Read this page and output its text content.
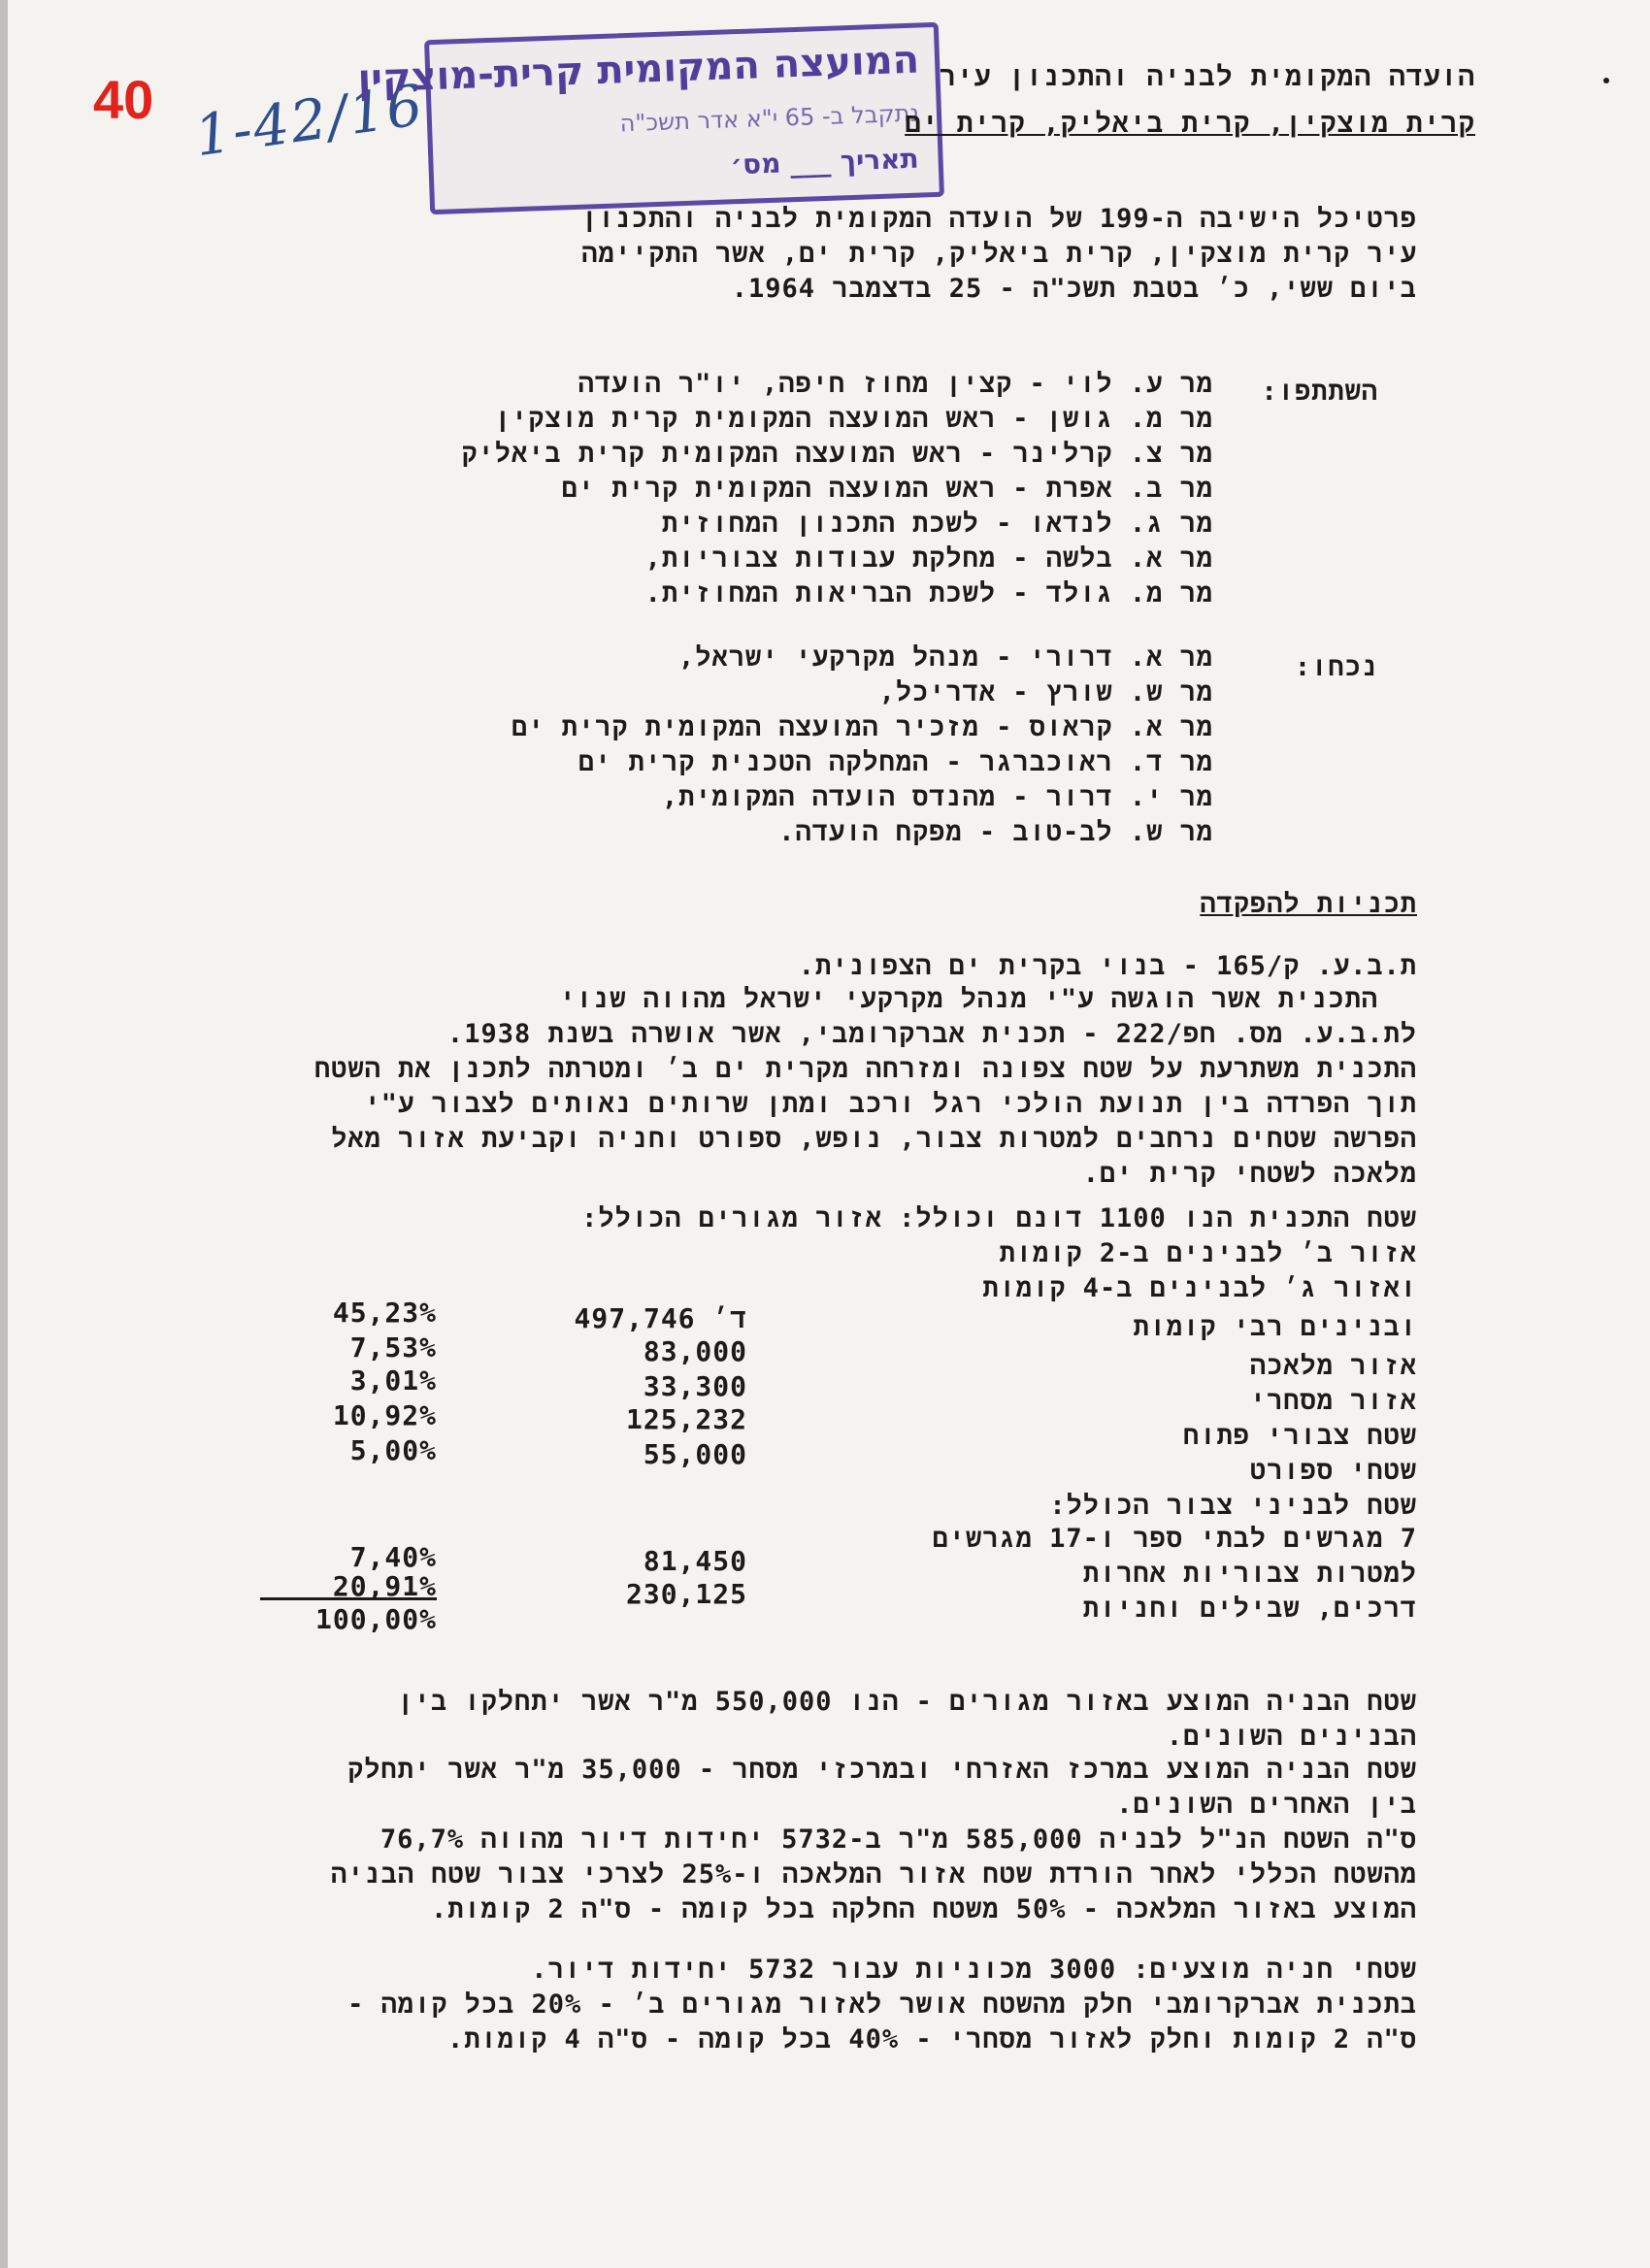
40 1-42/16
המועצה המקומית קרית-מוצקין
נתקבל ב- 65 י"א אדר תשכ"ה
תאריך ___ מס׳
הועדה המקומית לבניה והתכנון עיר
קרית מוצקין, קרית ביאליק, קרית ים
פרטיכל הישיבה ה-199 של הועדה המקומית לבניה והתכנון
עיר קרית מוצקין, קרית ביאליק, קרית ים, אשר התקיימה
ביום ששי, כ׳ בטבת תשכ"ה - 25 בדצמבר 1964.
השתתפו:
מר ע. לוי - קצין מחוז חיפה, יו"ר הועדה
מר מ. גושן - ראש המועצה המקומית קרית מוצקין
מר צ. קרלינר - ראש המועצה המקומית קרית ביאליק
מר ב. אפרת - ראש המועצה המקומית קרית ים
מר ג. לנדאו - לשכת התכנון המחוזית
מר א. בלשה - מחלקת עבודות צבוריות,
מר מ. גולד - לשכת הבריאות המחוזית.
נכחו:
מר א. דרורי - מנהל מקרקעי ישראל,
מר ש. שורץ - אדריכל,
מר א. קראוס - מזכיר המועצה המקומית קרית ים
מר ד. ראוכברגר - המחלקה הטכנית קרית ים
מר י. דרור - מהנדס הועדה המקומית,
מר ש. לב-טוב - מפקח הועדה.
תכניות להפקדה
ת.ב.ע. ק/165 - בנוי בקרית ים הצפונית.
התכנית אשר הוגשה ע"י מנהל מקרקעי ישראל מהווה שנוי
לת.ב.ע. מס. חפ/222 - תכנית אברקרומבי, אשר אושרה בשנת 1938.
התכנית משתרעת על שטח צפונה ומזרחה מקרית ים ב׳ ומטרתה לתכנן את השטח
תוך הפרדה בין תנועת הולכי רגל ורכב ומתן שרותים נאותים לצבור ע"י
הפרשה שטחים נרחבים למטרות צבור, נופש, ספורט וחניה וקביעת אזור מאל
מלאכה לשטחי קרית ים.
שטח התכנית הנו 1100 דונם וכולל: אזור מגורים הכולל:
אזור ב׳ לבנינים ב-2 קומות
ואזור ג׳ לבנינים ב-4 קומות
ובנינים רבי קומות
497,746 ד׳
45,23%
אזור מלאכה
83,000
7,53%
אזור מסחרי
33,300
3,01%
שטח צבורי פתוח
125,232
10,92%
שטחי ספורט
55,000
5,00%
שטח לבניני צבור הכולל:
7 מגרשים לבתי ספר ו-17 מגרשים
למטרות צבוריות אחרות
81,450
7,40%
דרכים, שבילים וחניות
230,125
20,91%
100,00%
שטח הבניה המוצע באזור מגורים - הנו 550,000 מ"ר אשר יתחלקו בין
הבנינים השונים.
שטח הבניה המוצע במרכז האזרחי ובמרכזי מסחר - 35,000 מ"ר אשר יתחלק
בין האחרים השונים.
ס"ה השטח הנ"ל לבניה 585,000 מ"ר ב-5732 יחידות דיור מהווה 76,7%
מהשטח הכללי לאחר הורדת שטח אזור המלאכה ו-25% לצרכי צבור שטח הבניה
המוצע באזור המלאכה - 50% משטח החלקה בכל קומה - ס"ה 2 קומות.
שטחי חניה מוצעים: 3000 מכוניות עבור 5732 יחידות דיור.
בתכנית אברקרומבי חלק מהשטח אושר לאזור מגורים ב׳ - 20% בכל קומה -
ס"ה 2 קומות וחלק לאזור מסחרי - 40% בכל קומה - ס"ה 4 קומות.
